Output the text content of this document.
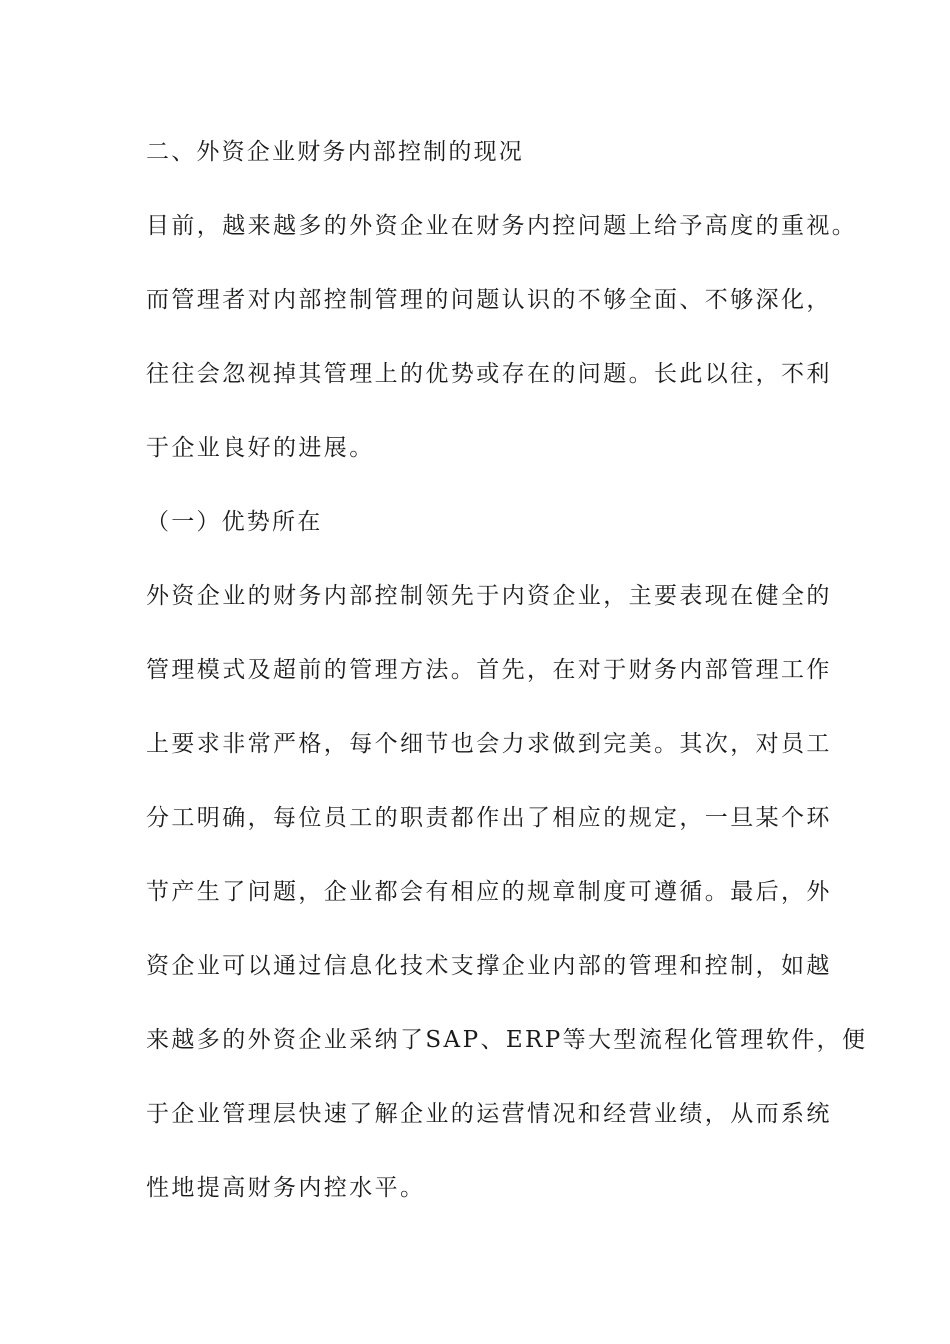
二、外资企业财务内部控制的现况

目前，越来越多的外资企业在财务内控问题上给予高度的重视。

而管理者对内部控制管理的问题认识的不够全面、不够深化，

往往会忽视掉其管理上的优势或存在的问题。长此以往，不利

于企业良好的进展。

（一）优势所在

外资企业的财务内部控制领先于内资企业，主要表现在健全的

管理模式及超前的管理方法。首先，在对于财务内部管理工作

上要求非常严格，每个细节也会力求做到完美。其次，对员工

分工明确，每位员工的职责都作出了相应的规定，一旦某个环

节产生了问题，企业都会有相应的规章制度可遵循。最后，外

资企业可以通过信息化技术支撑企业内部的管理和控制，如越

来越多的外资企业采纳了SAP、ERP等大型流程化管理软件，便

于企业管理层快速了解企业的运营情况和经营业绩，从而系统

性地提高财务内控水平。
